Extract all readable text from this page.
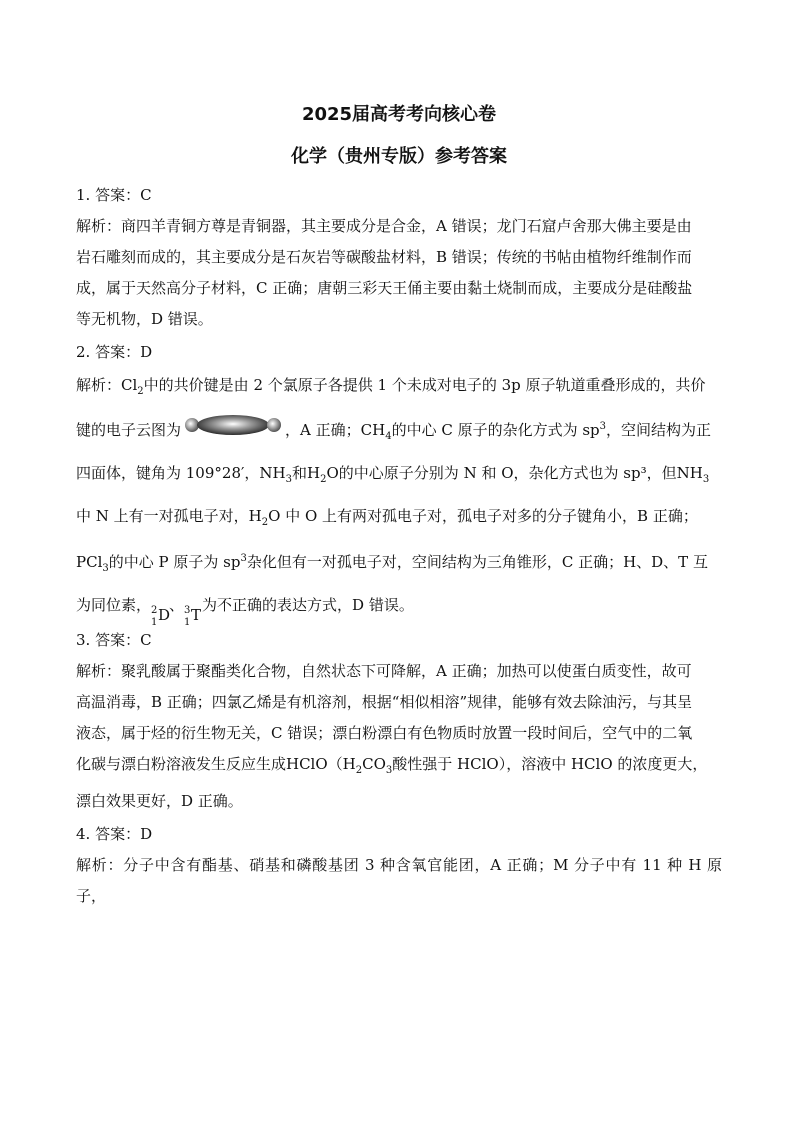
2025届高考考向核心卷
化学（贵州专版）参考答案
1. 答案：C
解析：商四羊青铜方尊是青铜器，其主要成分是合金，A 错误；龙门石窟卢舍那大佛主要是由
岩石雕刻而成的，其主要成分是石灰岩等碳酸盐材料，B 错误；传统的书帖由植物纤维制作而
成，属于天然高分子材料，C 正确；唐朝三彩天王俑主要由黏土烧制而成，主要成分是硅酸盐
等无机物，D 错误。
2. 答案：D
解析：$Cl_2$中的共价键是由 2 个氯原子各提供 1 个未成对电子的 3p 原子轨道重叠形成的，共价
键的电子云图为	，A 正确；$CH_4$的中心 C 原子的杂化方式为 $sp^3$，空间结构为正
四面体，键角为 109°28′，$NH_3$和$H_2O$的中心原子分别为 N 和 O，杂化方式也为 sp³，但$NH_3$
中 N 上有一对孤电子对，$H_2O$ 中 O 上有两对孤电子对，孤电子对多的分子键角小，B 正确；
PCl$_3$的中心 P 原子为 $sp^3$杂化但有一对孤电子对，空间结构为三角锥形，C 正确；H、D、T 互
为同位素， 2
1 D
、 3
1 T
为不正确的表达方式，D 错误。
3. 答案：C
解析：聚乳酸属于聚酯类化合物，自然状态下可降解，A 正确；加热可以使蛋白质变性，故可
高温消毒，B 正确；四氯乙烯是有机溶剂，根据“相似相溶”规律，能够有效去除油污，与其呈
液态，属于烃的衍生物无关，C 错误；漂白粉漂白有色物质时放置一段时间后，空气中的二氧
化碳与漂白粉溶液发生反应生成$HClO(H_2CO_3$酸性强于 HClO），溶液中 HClO 的浓度更大，
漂白效果更好，D 正确。
4. 答案：D
解析：分子中含有酯基、硝基和磷酸基团 3 种含氧官能团，A 正确；M 分子中有 11 种 H 原子，
